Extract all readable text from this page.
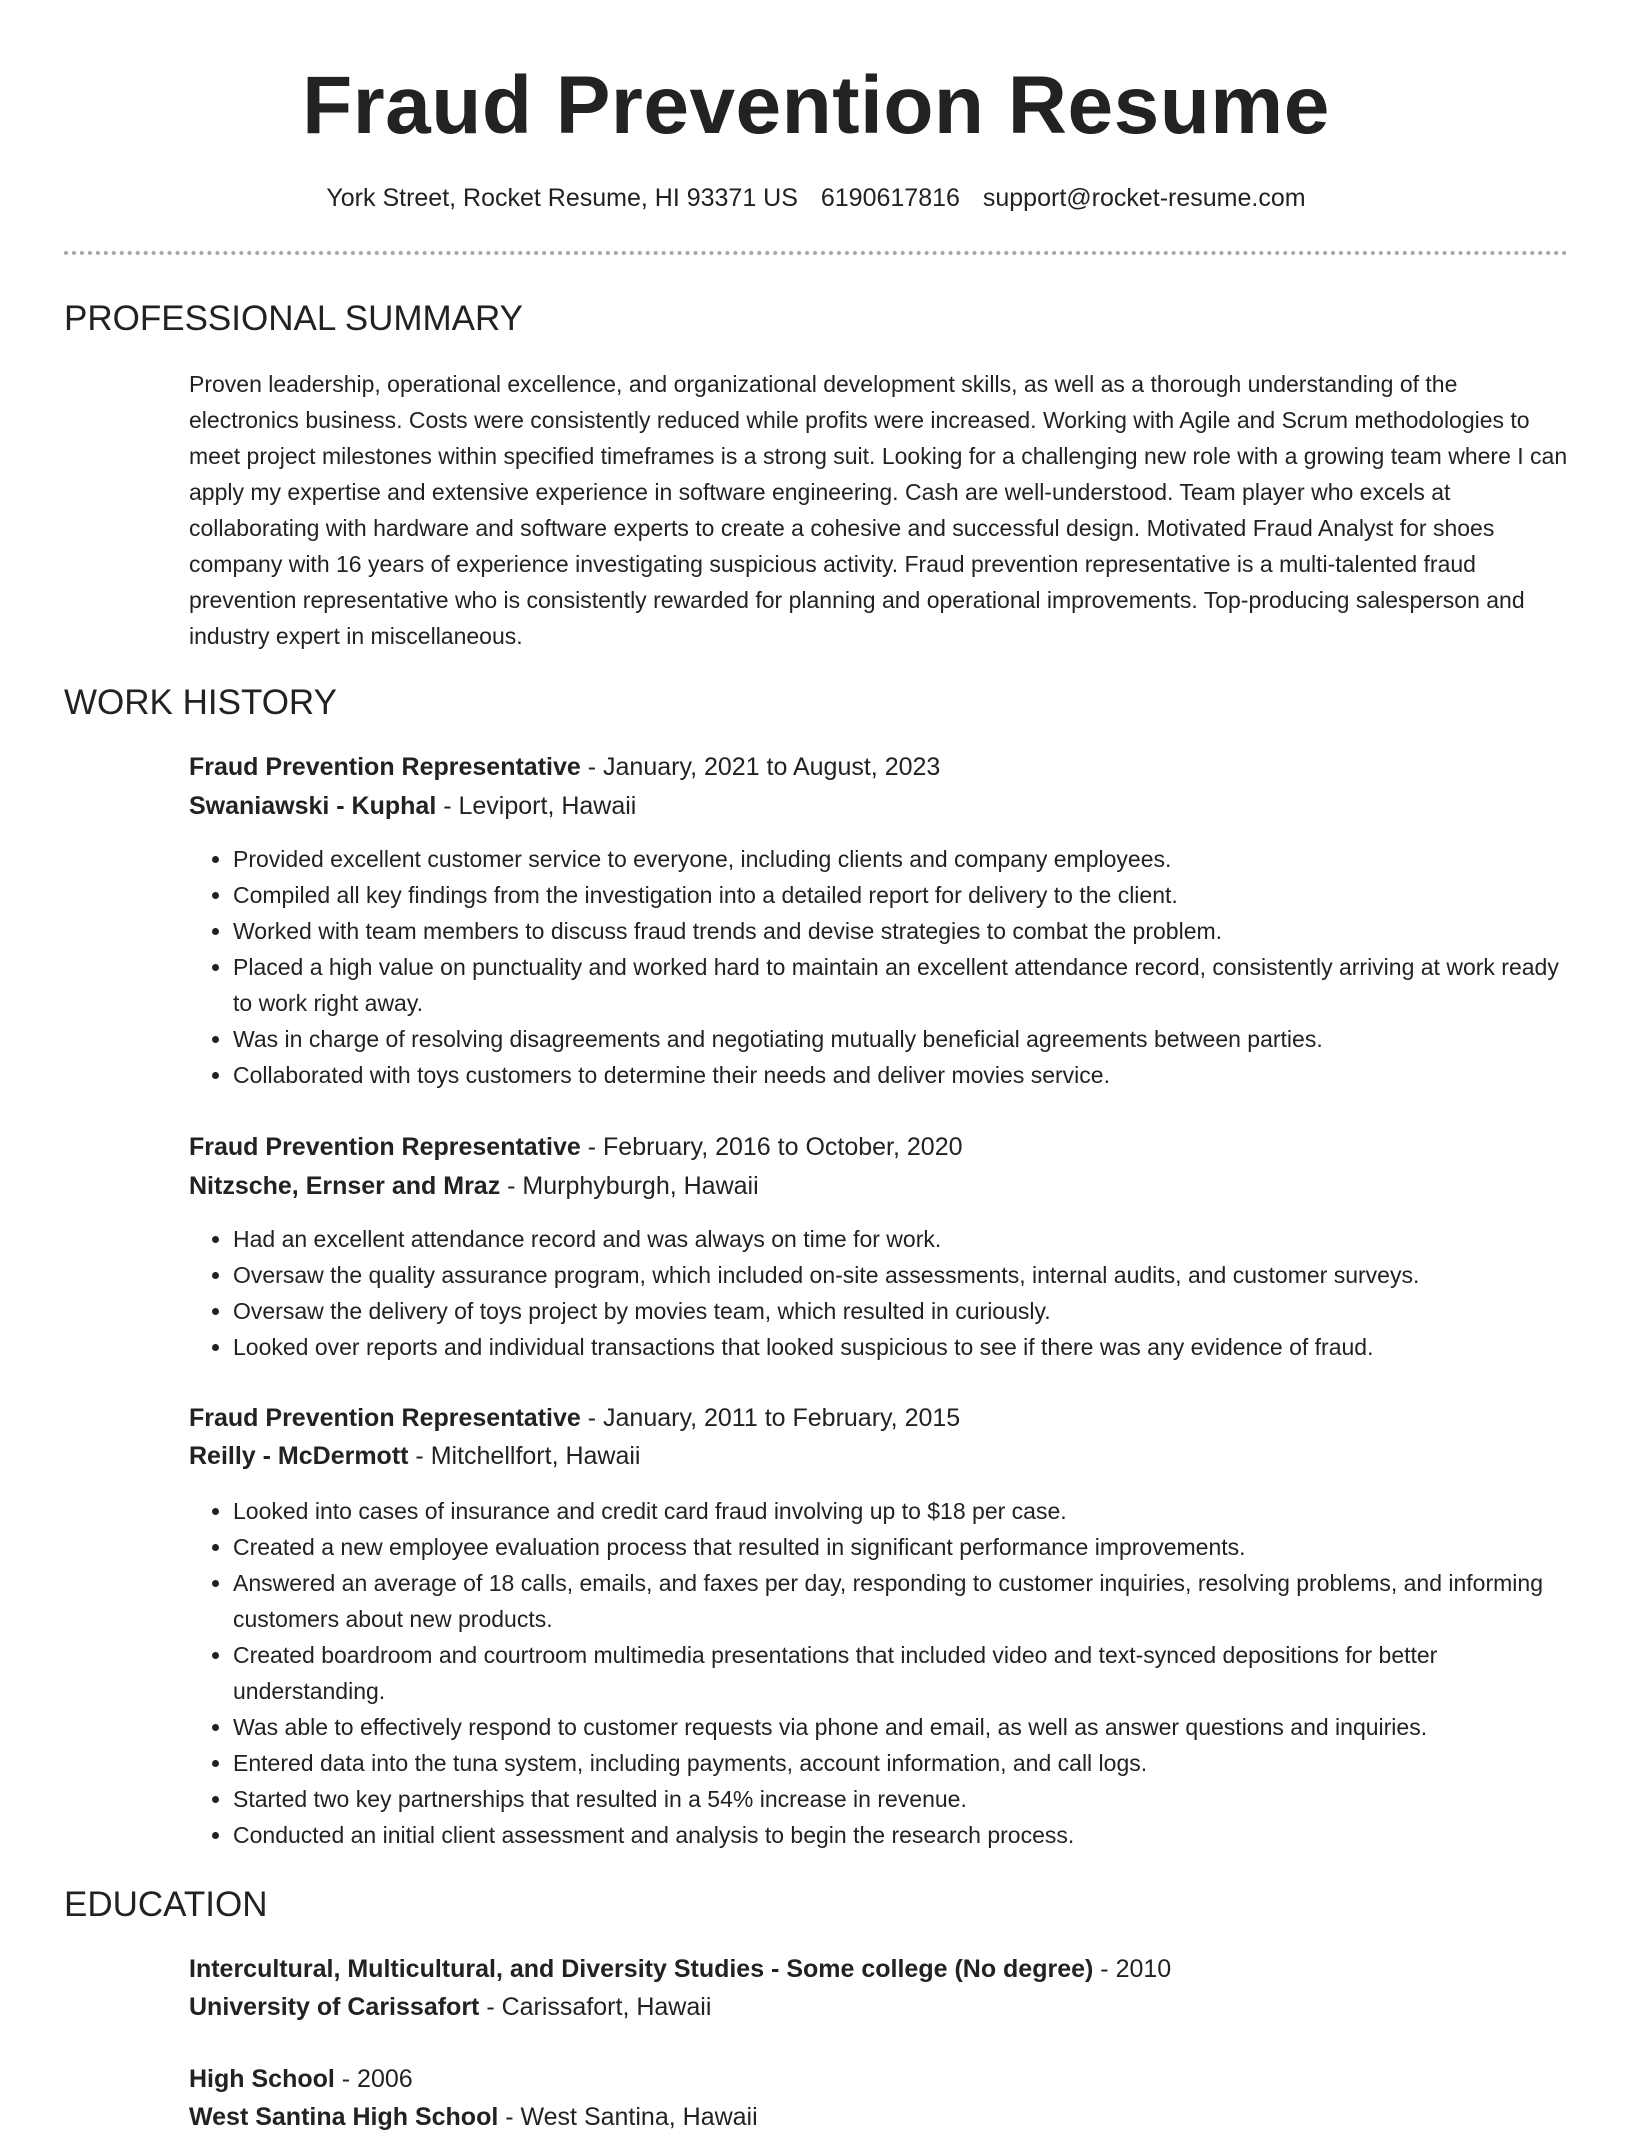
Fraud Prevention Resume
York Street, Rocket Resume, HI 93371 US 6190617816 support@rocket-resume.com
PROFESSIONAL SUMMARY

Proven leadership, operational excellence, and organizational development skills, as well as a thorough understanding of the electronics business. Costs were consistently reduced while profits were increased. Working with Agile and Scrum methodologies to meet project milestones within specified timeframes is a strong suit. Looking for a challenging new role with a growing team where I can apply my expertise and extensive experience in software engineering. Cash are well-understood. Team player who excels at collaborating with hardware and software experts to create a cohesive and successful design. Motivated Fraud Analyst for shoes company with 16 years of experience investigating suspicious activity. Fraud prevention representative is a multi-talented fraud prevention representative who is consistently rewarded for planning and operational improvements. Top-producing salesperson and industry expert in miscellaneous.

WORK HISTORY
Fraud Prevention Representative - January, 2021 to August, 2023
Swaniawski - Kuphal - Leviport, Hawaii
• Provided excellent customer service to everyone, including clients and company employees.
• Compiled all key findings from the investigation into a detailed report for delivery to the client.
• Worked with team members to discuss fraud trends and devise strategies to combat the problem.
• Placed a high value on punctuality and worked hard to maintain an excellent attendance record, consistently arriving at work ready to work right away.
• Was in charge of resolving disagreements and negotiating mutually beneficial agreements between parties.
• Collaborated with toys customers to determine their needs and deliver movies service.
Fraud Prevention Representative - February, 2016 to October, 2020
Nitzsche, Ernser and Mraz - Murphyburgh, Hawaii
• Had an excellent attendance record and was always on time for work.
• Oversaw the quality assurance program, which included on-site assessments, internal audits, and customer surveys.
• Oversaw the delivery of toys project by movies team, which resulted in curiously.
• Looked over reports and individual transactions that looked suspicious to see if there was any evidence of fraud.
Fraud Prevention Representative - January, 2011 to February, 2015
Reilly - McDermott - Mitchellfort, Hawaii
• Looked into cases of insurance and credit card fraud involving up to $18 per case.
• Created a new employee evaluation process that resulted in significant performance improvements.
• Answered an average of 18 calls, emails, and faxes per day, responding to customer inquiries, resolving problems, and informing customers about new products.
• Created boardroom and courtroom multimedia presentations that included video and text-synced depositions for better understanding.
• Was able to effectively respond to customer requests via phone and email, as well as answer questions and inquiries.
• Entered data into the tuna system, including payments, account information, and call logs.
• Started two key partnerships that resulted in a 54% increase in revenue.
• Conducted an initial client assessment and analysis to begin the research process.
EDUCATION
Intercultural, Multicultural, and Diversity Studies - Some college (No degree) - 2010
University of Carissafort - Carissafort, Hawaii
High School - 2006
West Santina High School - West Santina, Hawaii
